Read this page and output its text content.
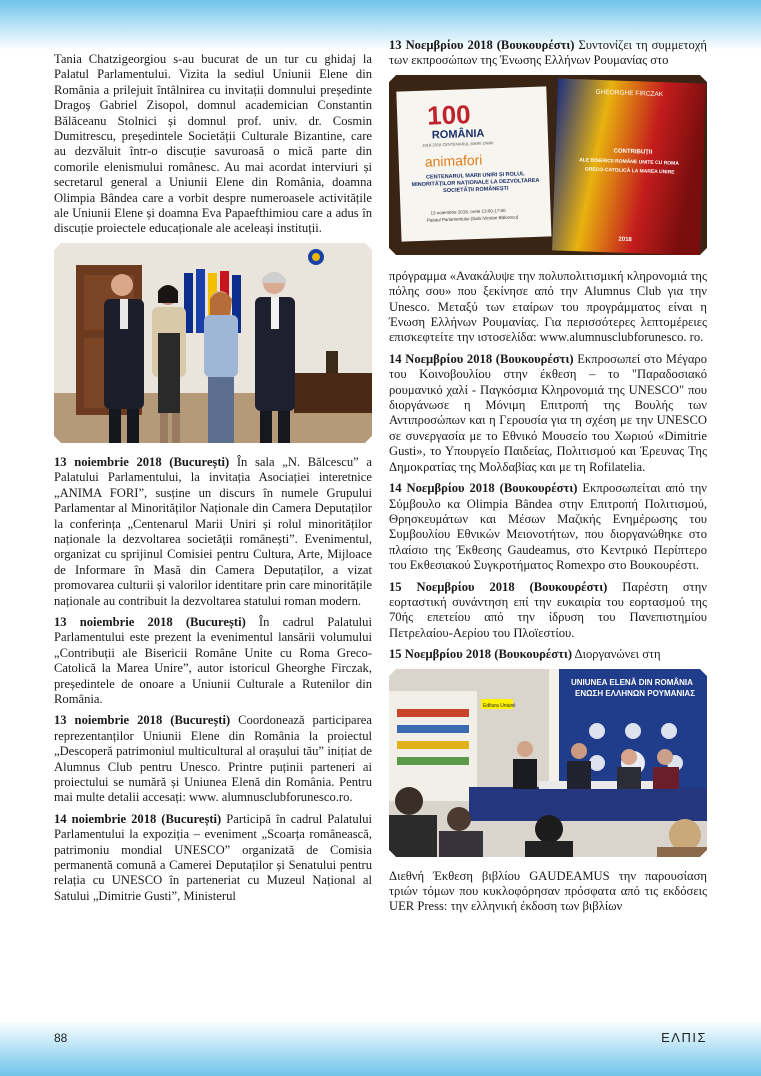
Tania Chatzigeorgiou s-au bucurat de un tur cu ghidaj la Palatul Parlamentului. Vizita la sediul Uniunii Elene din România a prilejuit întâlnirea cu invitații domnului președinte Dragoș Gabriel Zisopol, domnul academician Constantin Bălăceanu Stolnici și domnul prof. univ. dr. Cosmin Dumitrescu, președintele Societății Culturale Bizantine, care au dezvăluit într-o discuție savuroasă o mică parte din comorile elenismului românesc. Au mai acordat interviuri și secretarul general a Uniunii Elene din România, doamna Olimpia Bândea care a vorbit despre numeroasele activitățile ale Uniunii Elene și doamna Eva Papaefthimiou care a adus în discuție proiectele educaționale ale aceleași instituții.

13 noiembrie 2018 (București) În sala „N. Bălcescu” a Palatului Parlamentului, la invitația Asociației interetnice „ANIMA FORI”, susține un discurs în numele Grupului Parlamentar al Minorităților Naționale din Camera Deputaților la conferința „Centenarul Marii Uniri și rolul minorităților naționale la dezvoltarea societății românești”. Evenimentul, organizat cu sprijinul Comisiei pentru Cultura, Arte, Mijloace de Informare în Masă din Camera Deputaților, a vizat promovarea culturii și valorilor identitare prin care minoritățile naționale au contribuit la dezvoltarea statului roman modern.

13 noiembrie 2018 (București) În cadrul Palatului Parlamentului este prezent la evenimentul lansării volumului „Contribuții ale Bisericii Române Unite cu Roma Greco-Catolică la Marea Unire”, autor istoricul Gheorghe Firczak, președintele de onoare a Uniunii Culturale a Rutenilor din România.

13 noiembrie 2018 (București) Coordonează participarea reprezentanților Uniunii Elene din România la proiectul „Descoperă patrimoniul multicultural al orașului tău” inițiat de Alumnus Club pentru Unesco. Printre puținii parteneri ai proiectului se numără și Uniunea Elenă din România. Pentru mai multe detalii accesați: www. alumnusclubforunesco.ro.

14 noiembrie 2018 (București) Participă în cadrul Palatului Parlamentului la expoziția – eveniment „Scoarța românească, patrimoniu mondial UNESCO” organizată de Comisia permanentă comună a Camerei Deputaților și Senatului pentru relația cu UNESCO în parteneriat cu Muzeul Național al Satului „Dimitrie Gusti”, Ministerul

13 Νοεμβρίου 2018 (Βουκουρέστι) Συντονίζει τη συμμετοχή των εκπροσώπων της Ένωσης Ελλήνων Ρουμανίας στο

100
ROMÂNIA
1918-2018 CENTENARUL MARII UNIRI
animafori
CENTENARUL MARII UNIRI ȘI ROLUL MINORITĂȚILOR NAȚIONALE LA DEZVOLTAREA SOCIETĂȚII ROMÂNEȘTI
13 noiembrie 2018, orele 13:00-17:00
Palatul Parlamentului (Sala Nicolae Bălcescu)
GHEORGHE FIRCZAK
CONTRIBUȚII
ALE BISERICII ROMÂNE UNITE CU ROMA
GRECO-CATOLICĂ LA MAREA UNIRE
2018

πρόγραμμα «Ανακάλυψε την πολυπολιτισμική κληρονομιά της πόλης σου» που ξεκίνησε από την Alumnus Club για την Unesco. Μεταξύ των εταίρων του προγράμματος είναι η Ένωση Ελλήνων Ρουμανίας. Για περισσότερες λεπτομέρειες επισκεφτείτε την ιστοσελίδα: www.alumnusclubforunesco. ro.

14 Νοεμβρίου 2018 (Βουκουρέστι) Εκπροσωπεί στο Μέγαρο του Κοινοβουλίου στην έκθεση – το "Παραδοσιακό ρουμανικό χαλί - Παγκόσμια Κληρονομιά της UNESCO" που διοργάνωσε η Μόνιμη Επιτροπή της Βουλής των Αντιπροσώπων και η Γερουσία για τη σχέση με την UNESCO σε συνεργασία με το Εθνικό Μουσείο του Χωριού «Dimitrie Gusti», το Υπουργείο Παιδείας, Πολιτισμού και Έρευνας Της Δημοκρατίας της Μολδαβίας και με τη Rofilatelia.

14 Νοεμβρίου 2018 (Βουκουρέστι) Εκπροσωπείται από την Σύμβουλο κα Olimpia Bândea στην Επιτροπή Πολιτισμού, Θρησκευμάτων και Μέσων Μαζικής Ενημέρωσης του Συμβουλίου Εθνικών Μειονοτήτων, που διοργανώθηκε στο πλαίσιο της Έκθεσης Gaudeamus, στο Κεντρικό Περίπτερο του Εκθεσιακού Συγκροτήματος Romexpo στο Βουκουρέστι.

15 Νοεμβρίου 2018 (Βουκουρέστι) Παρέστη στην εορταστική συνάντηση επί την ευκαιρία του εορτασμού της 70ής επετείου από την ίδρυση του Πανεπιστημίου Πετρελαίου-Αερίου του Πλοϊεστίου.

15 Νοεμβρίου 2018 (Βουκουρέστι) Διοργανώνει στη

Editura Uniunii
UNIUNEA ELENĂ DIN ROMÂNIA
ΕΝΩΣΗ ΕΛΛΗΝΩΝ ΡΟΥΜΑΝΙΑΣ

Διεθνή Έκθεση βιβλίου GAUDEAMUS την παρουσίαση τριών τόμων που κυκλοφόρησαν πρόσφατα από τις εκδόσεις UER Press: την ελληνική έκδοση των βιβλίων

88	ΕΛΠΙΣ
